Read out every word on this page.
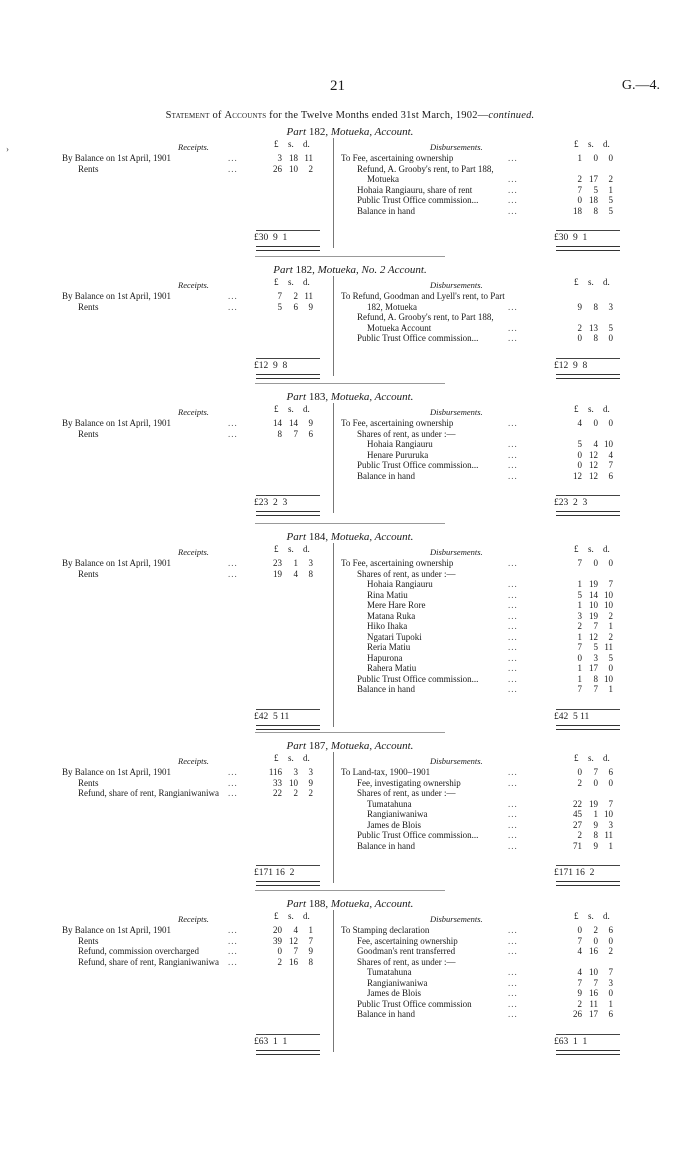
21	G.—4.
Statement of Accounts for the Twelve Months ended 31st March, 1902—continued.
Part 182, Motueka, Account.
Receipts.	Disbursements.
£ s. d.	£ s. d.
By Balance on 1st April, 1901	...	3 18 11
Rents	...	26 10	2
To Fee, ascertaining ownership	...	1	0	0
Refund, A. Grooby's rent, to Part 188,
Motueka	...	2 17	2
Hohaia Rangiauru, share of rent	...	7	5	1
Public Trust Office commission...	...	0 18	5
Balance in hand	...	18	8	5
£30  9  1	£30  9  1
Part 182, Motueka, No. 2 Account.
Receipts.	Disbursements.
£ s. d.	£ s. d.
By Balance on 1st April, 1901	...	7	2 11
Rents	...	5	6	9
To Refund, Goodman and Lyell's rent, to Part
182, Motueka	...	9	8	3
Refund, A. Grooby's rent, to Part 188,
Motueka Account	...	2 13	5
Public Trust Office commission...	...	0	8	0
£12  9  8	£12  9  8
Part 183, Motueka, Account.
Receipts.	Disbursements.
£ s. d.	£ s. d.
By Balance on 1st April, 1901	...	14 14	9
Rents	...	8	7	6
To Fee, ascertaining ownership	...	4	0	0
Shares of rent, as under :—
Hohaia Rangiauru	...	5	4 10
Henare Pururuka	...	0 12	4
Public Trust Office commission...	...	0 12	7
Balance in hand	...	12 12	6
£23  2  3	£23  2  3
Part 184, Motueka, Account.
Receipts.	Disbursements.
£ s. d.	£ s. d.
By Balance on 1st April, 1901	...	23	1	3
Rents	...	19	4	8
To Fee, ascertaining ownership	...	7	0	0
Shares of rent, as under :—
Hohaia Rangiauru	...	1 19	7
Rina Matiu	...	5 14 10
Mere Hare Rore	...	1 10 10
Matana Ruka	...	3 19	2
Hiko Ihaka	...	2	7	1
Ngatari Tupoki	...	1 12	2
Reria Matiu	...	7	5 11
Hapurona	...	0	3	5
Rahera Matiu	...	1 17	0
Public Trust Office commission...	...	1	8 10
Balance in hand	...	7	7	1
£42  5 11	£42  5 11
Part 187, Motueka, Account.
Receipts.	Disbursements.
£ s. d.	£ s. d.
By Balance on 1st April, 1901	...	116	3	3
Rents	...	33 10	9
Refund, share of rent, Rangianiwaniwa ...	22	2	2
To Land-tax, 1900–1901	...	0	7	6
Fee, investigating ownership	...	2	0	0
Shares of rent, as under :—
Tumatahuna	...	22 19	7
Rangianiwaniwa	...	45	1 10
James de Blois	...	27	9	3
Public Trust Office commission...	...	2	8 11
Balance in hand	...	71	9	1
£171 16  2	£171 16  2
Part 188, Motueka, Account.
Receipts.	Disbursements.
£ s. d.	£ s. d.
By Balance on 1st April, 1901	...	20	4	1
Rents	...	39 12	7
Refund, commission overcharged	...	0	7	9
Refund, share of rent, Rangianiwaniwa ...	2 16	8
To Stamping declaration	...	0	2	6
Fee, ascertaining ownership	...	7	0	0
Goodman's rent transferred	...	4 16	2
Shares of rent, as under :—
Tumatahuna	...	4 10	7
Rangianiwaniwa	...	7	7	3
James de Blois	...	9 16	0
Public Trust Office commission	...	2 11	1
Balance in hand	...	26 17	6
£63  1  1	£63  1  1
›
